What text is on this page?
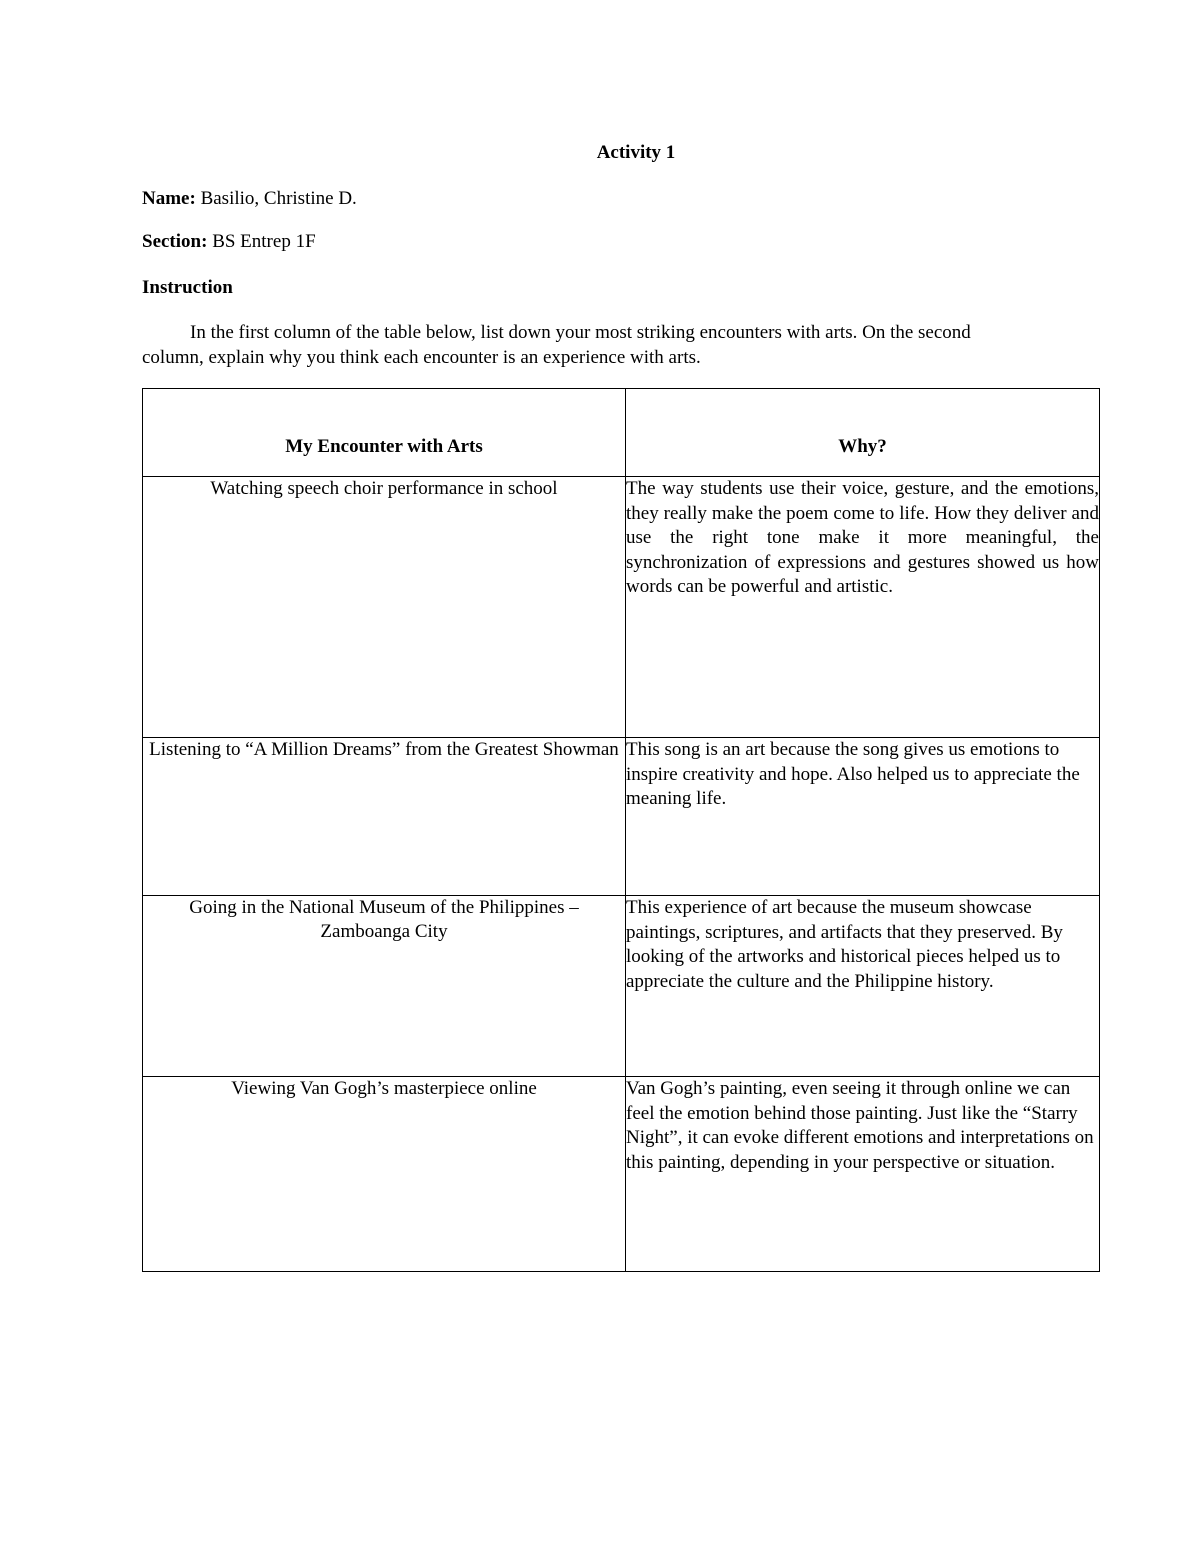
Activity 1
Name: Basilio, Christine D.
Section: BS Entrep 1F
Instruction
In the first column of the table below, list down your most striking encounters with arts. On the second column, explain why you think each encounter is an experience with arts.
My Encounter with Arts	Why?
Watching speech choir performance in school	The way students use their voice, gesture, and the emotions, they really make the poem come to life. How they deliver and use the right tone make it more meaningful, the synchronization of expressions and gestures showed us how words can be powerful and artistic.
Listening to “A Million Dreams” from the Greatest Showman	This song is an art because the song gives us emotions to inspire creativity and hope. Also helped us to appreciate the meaning life.
Going in the National Museum of the Philippines – Zamboanga City	This experience of art because the museum showcase paintings, scriptures, and artifacts that they preserved. By looking of the artworks and historical pieces helped us to appreciate the culture and the Philippine history.
Viewing Van Gogh’s masterpiece online	Van Gogh’s painting, even seeing it through online we can feel the emotion behind those painting. Just like the “Starry Night”, it can evoke different emotions and interpretations on this painting, depending in your perspective or situation.
